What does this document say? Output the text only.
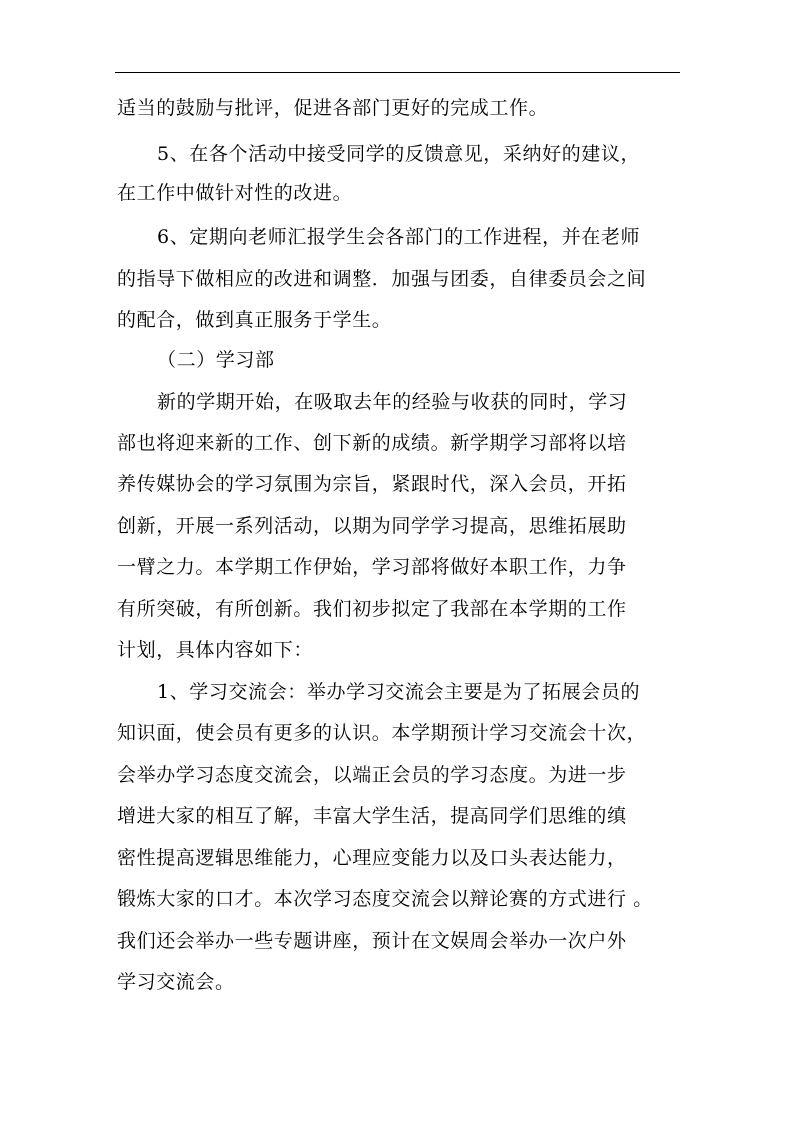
适当的鼓励与批评，促进各部门更好的完成工作。
5、在各个活动中接受同学的反馈意见，采纳好的建议，
在工作中做针对性的改进。
6、定期向老师汇报学生会各部门的工作进程，并在老师
的指导下做相应的改进和调整．加强与团委，自律委员会之间
的配合，做到真正服务于学生。
（二）学习部
新的学期开始，在吸取去年的经验与收获的同时，学习
部也将迎来新的工作、创下新的成绩。新学期学习部将以培
养传媒协会的学习氛围为宗旨，紧跟时代，深入会员，开拓
创新，开展一系列活动，以期为同学学习提高，思维拓展助
一臂之力。本学期工作伊始，学习部将做好本职工作，力争
有所突破，有所创新。我们初步拟定了我部在本学期的工作
计划，具体内容如下：
1、学习交流会：举办学习交流会主要是为了拓展会员的
知识面，使会员有更多的认识。本学期预计学习交流会十次，
会举办学习态度交流会，以端正会员的学习态度。为进一步
增进大家的相互了解，丰富大学生活，提高同学们思维的缜
密性提高逻辑思维能力，心理应变能力以及口头表达能力，
锻炼大家的口才。本次学习态度交流会以辩论赛的方式进行 。
我们还会举办一些专题讲座，预计在文娱周会举办一次户外
学习交流会。
